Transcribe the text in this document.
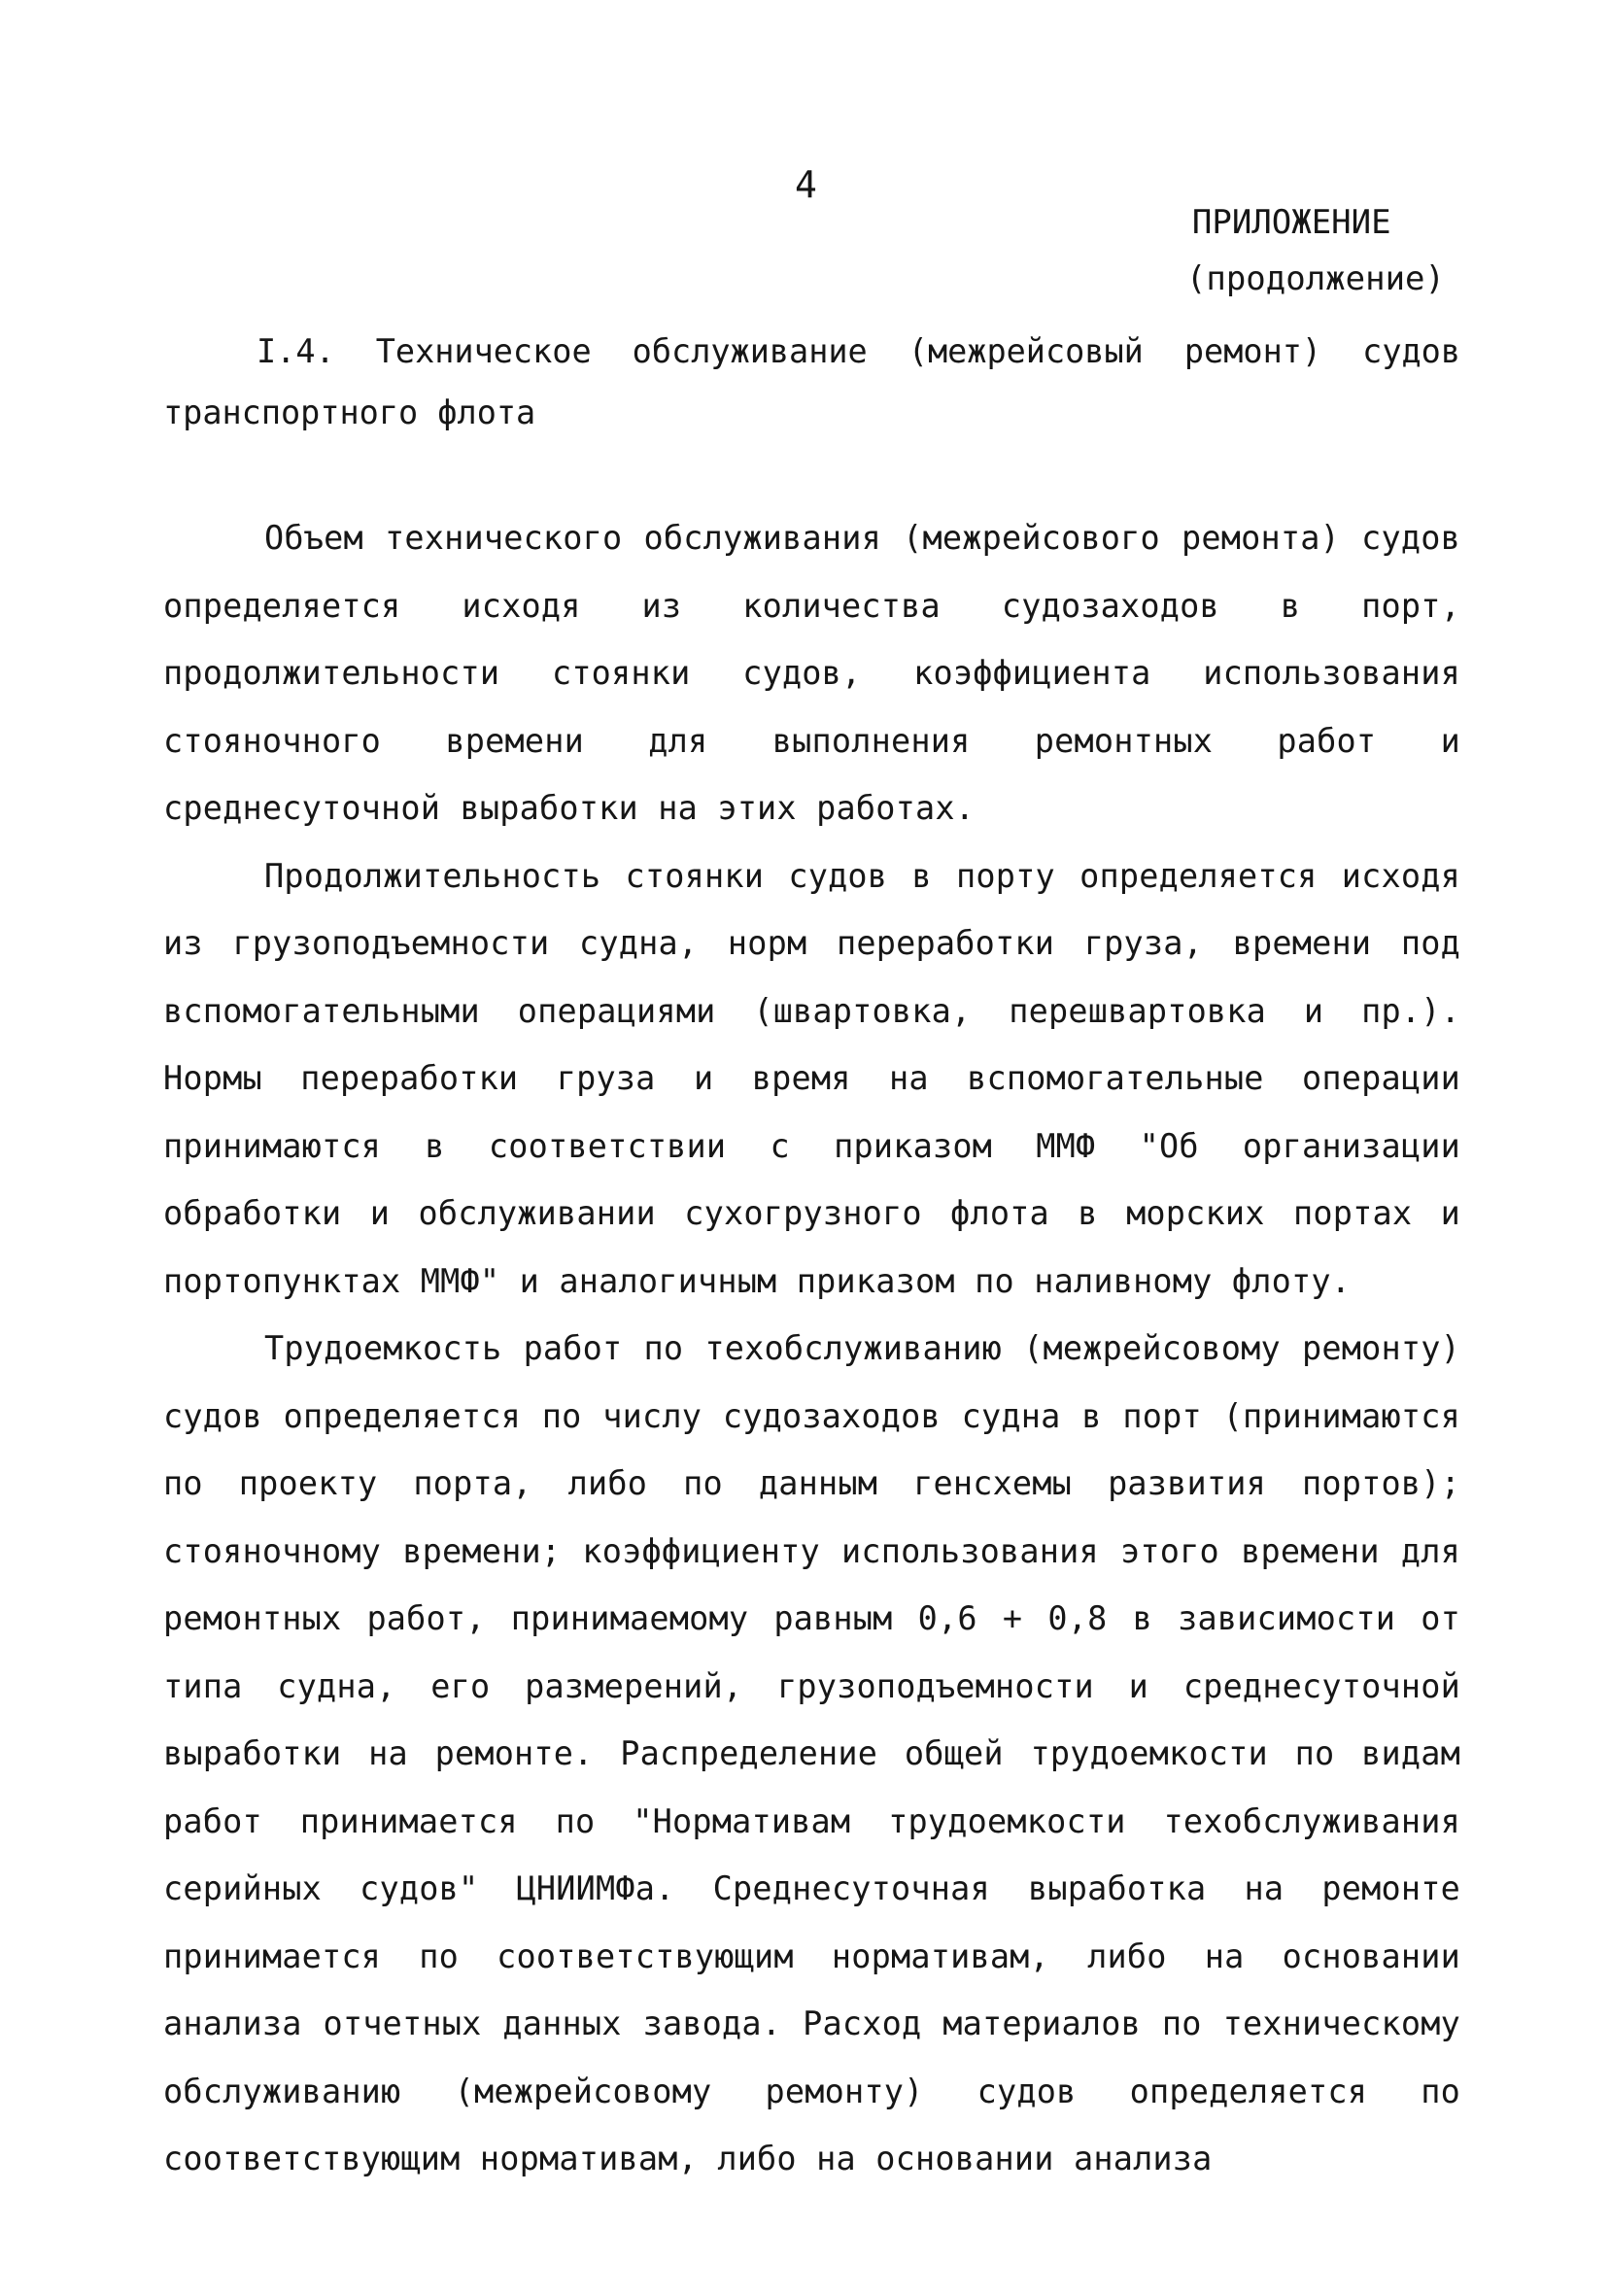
4
ПРИЛОЖЕНИЕ
(продолжение)

I.4. Техническое обслуживание (межрейсовый ремонт) судов транспортного флота

Объем технического обслуживания (межрейсового ремонта) судов определяется исходя из количества судозаходов в порт, продолжительности стоянки судов, коэффициента использования стояночного времени для выполнения ремонтных работ и среднесуточной выработки на этих работах.

Продолжительность стоянки судов в порту определяется исходя из грузоподъемности судна, норм переработки груза, времени под вспомогательными операциями (швартовка, перешвартовка и пр.). Нормы переработки груза и время на вспомогательные операции принимаются в соответствии с приказом ММФ "Об организации обработки и обслуживании сухогрузного флота в морских портах и портопунктах ММФ" и аналогичным приказом по наливному флоту.

Трудоемкость работ по техобслуживанию (межрейсовому ремонту) судов определяется по числу судозаходов судна в порт (принимаются по проекту порта, либо по данным генсхемы развития портов); стояночному времени; коэффициенту использования этого времени для ремонтных работ, принимаемому равным 0,6 + 0,8 в зависимости от типа судна, его размерений, грузоподъемности и среднесуточной выработки на ремонте. Распределение общей трудоемкости по видам работ принимается по "Нормативам трудоемкости техобслуживания серийных судов" ЦНИИМФа. Среднесуточная выработка на ремонте принимается по соответствующим нормативам, либо на основании анализа отчетных данных завода. Расход материалов по техническому обслуживанию (межрейсовому ремонту) судов определяется по соответствующим нормативам, либо на основании анализа
